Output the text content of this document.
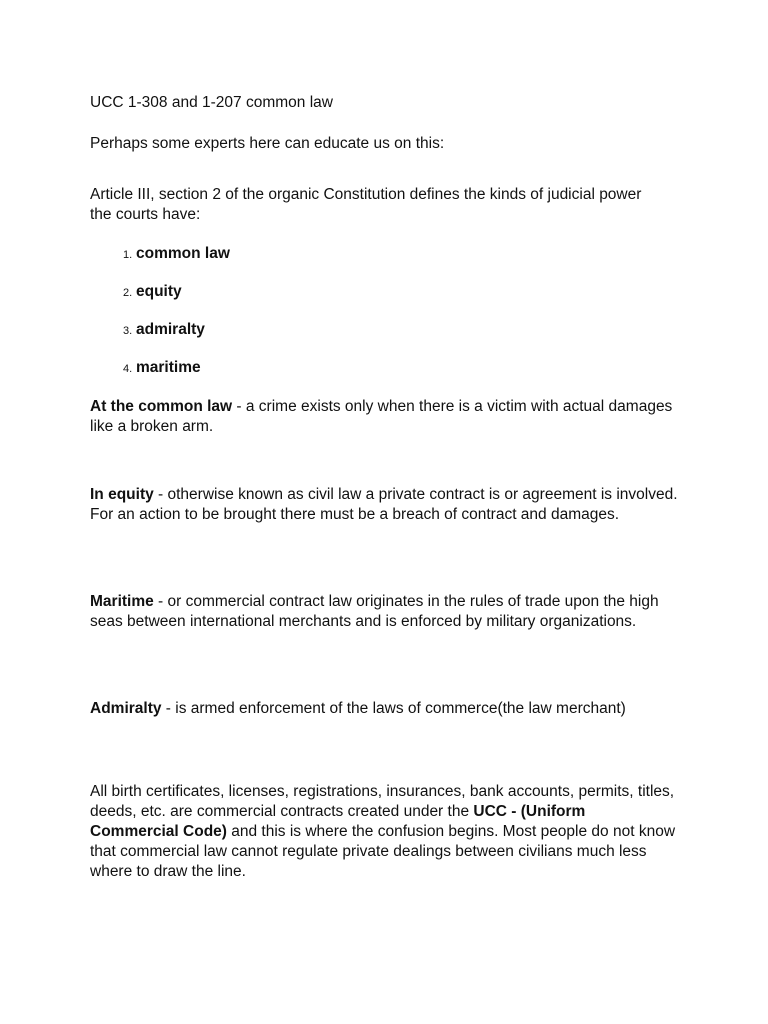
UCC 1-308 and 1-207 common law
Perhaps some experts here can educate us on this:

Article III, section 2 of the organic Constitution defines the kinds of judicial power the courts have:

1. common law
2. equity
3. admiralty
4. maritime

At the common law - a crime exists only when there is a victim with actual damages like a broken arm.

In equity - otherwise known as civil law a private contract is or agreement is involved. For an action to be brought there must be a breach of contract and damages.

Maritime - or commercial contract law originates in the rules of trade upon the high seas between international merchants and is enforced by military organizations.

Admiralty - is armed enforcement of the laws of commerce(the law merchant)

All birth certificates, licenses, registrations, insurances, bank accounts, permits, titles, deeds, etc. are commercial contracts created under the UCC - (Uniform Commercial Code) and this is where the confusion begins. Most people do not know that commercial law cannot regulate private dealings between civilians much less where to draw the line.
